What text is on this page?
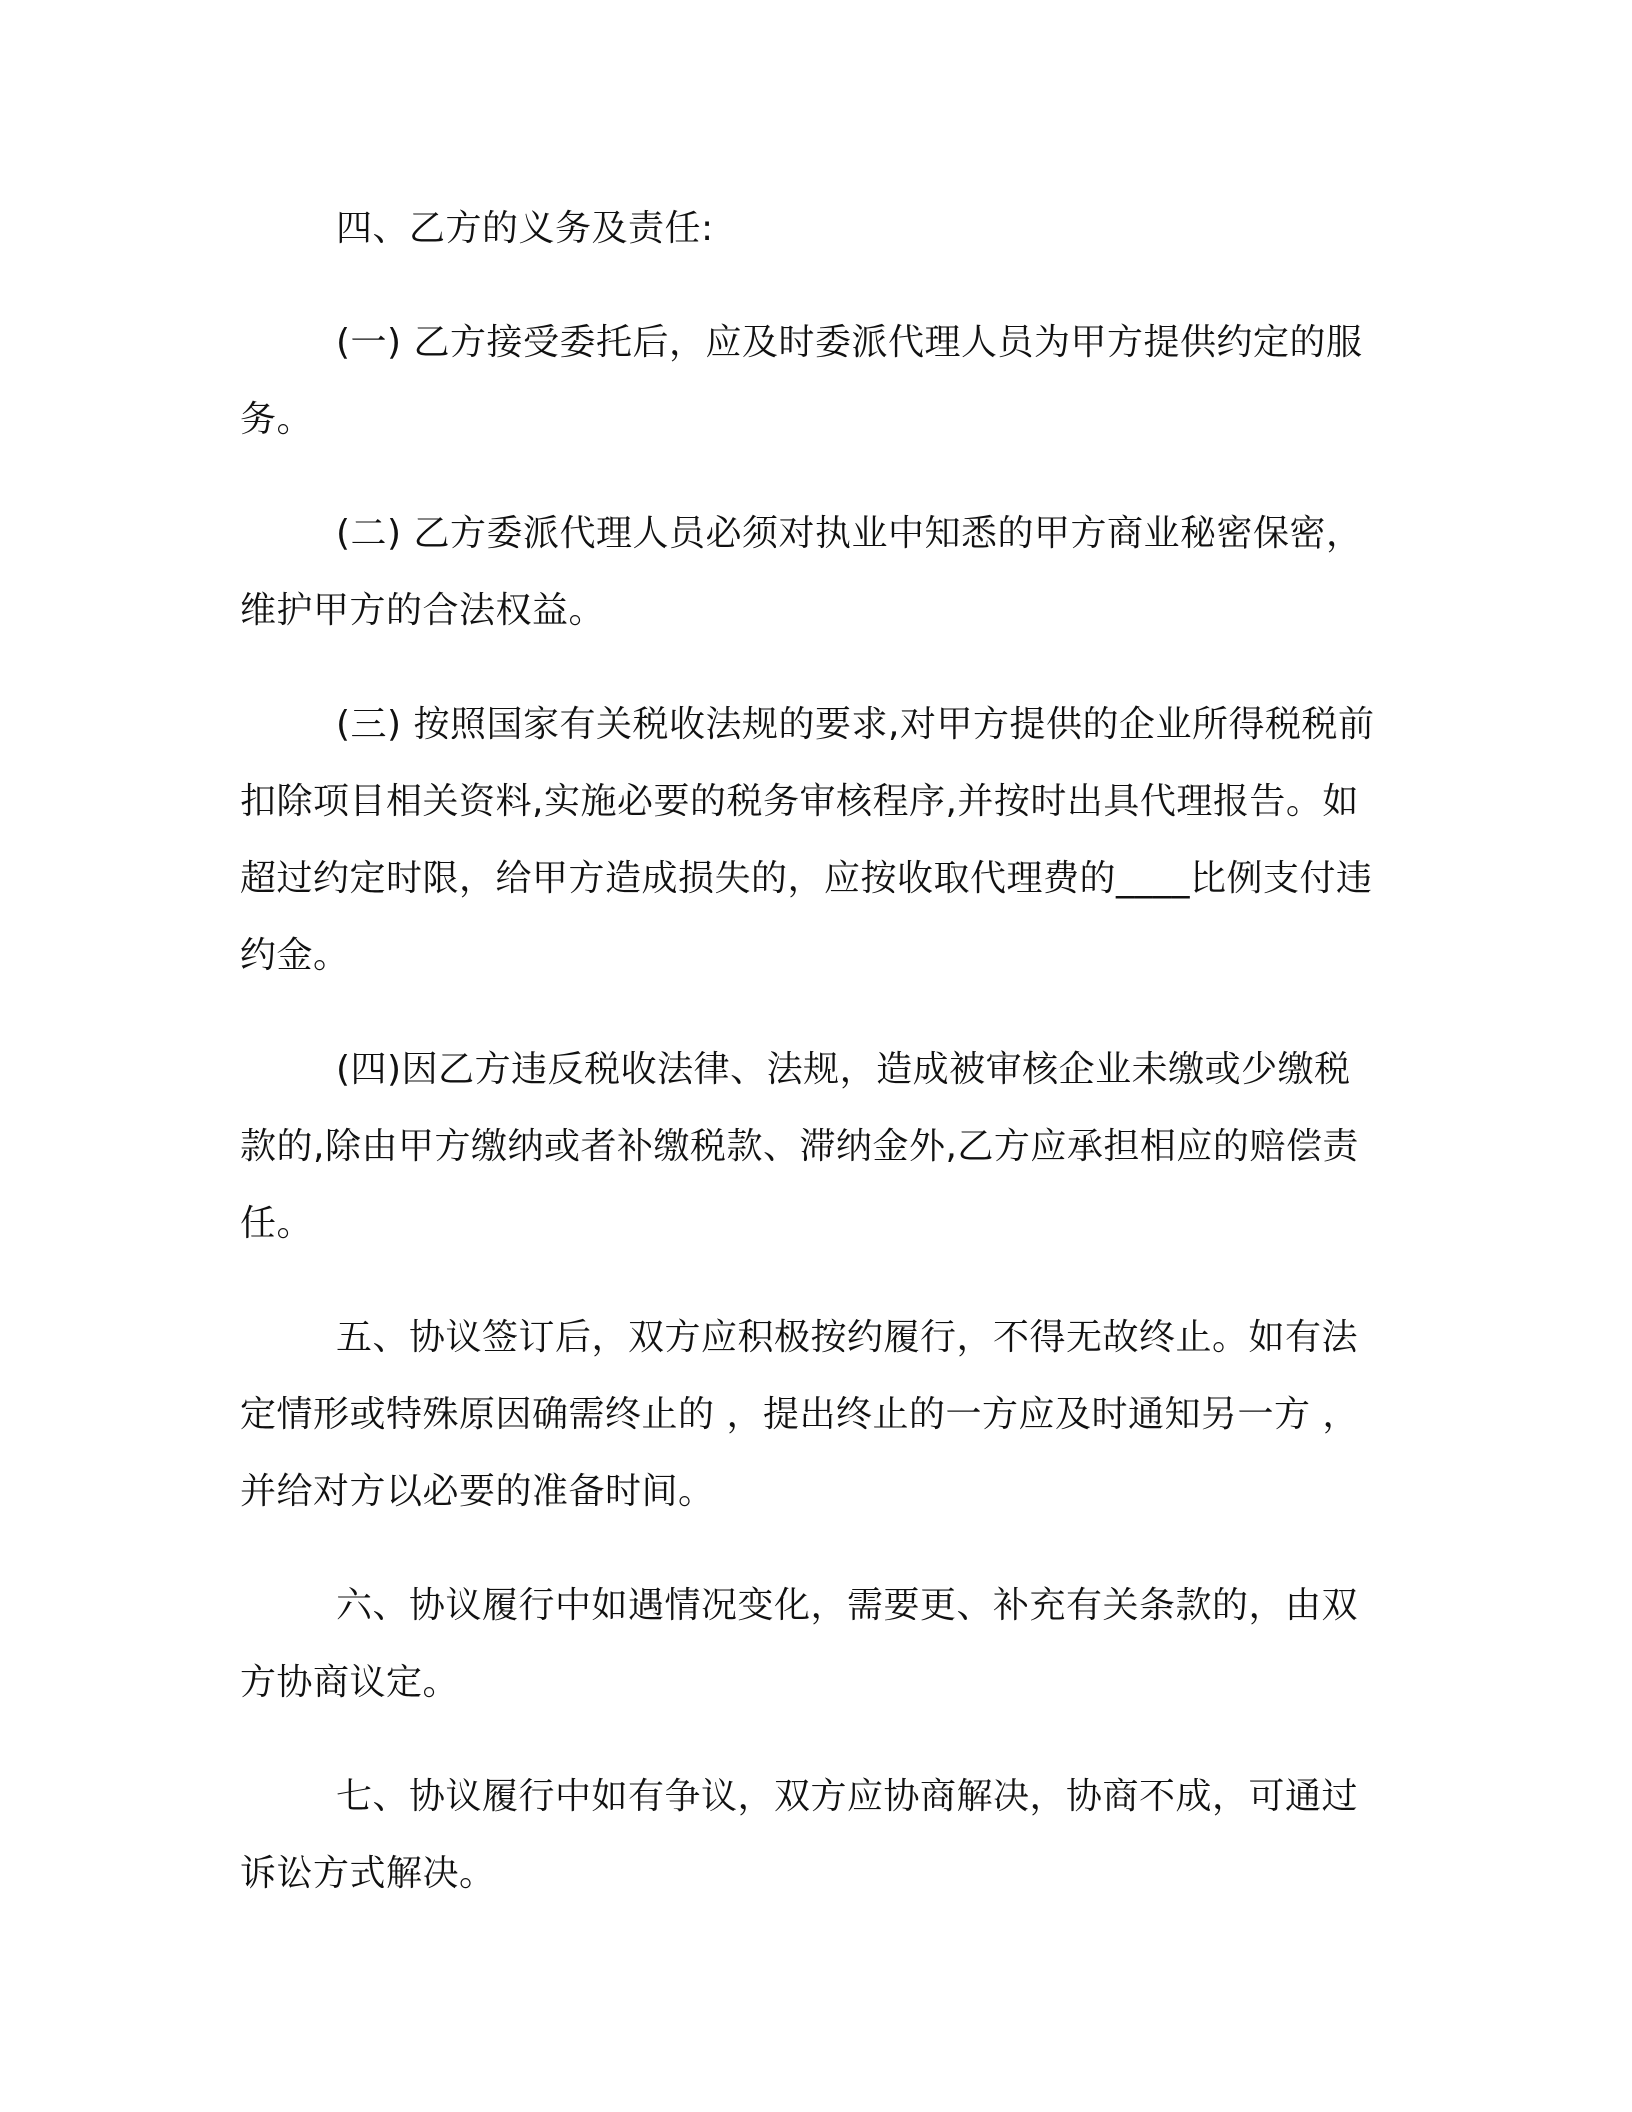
四、乙方的义务及责任:

(一) 乙方接受委托后，应及时委派代理人员为甲方提供约定的服务。

(二) 乙方委派代理人员必须对执业中知悉的甲方商业秘密保密，维护甲方的合法权益。

(三) 按照国家有关税收法规的要求,对甲方提供的企业所得税税前扣除项目相关资料,实施必要的税务审核程序,并按时出具代理报告。如超过约定时限，给甲方造成损失的，应按收取代理费的____比例支付违约金。

(四)因乙方违反税收法律、法规，造成被审核企业未缴或少缴税款的,除由甲方缴纳或者补缴税款、滞纳金外,乙方应承担相应的赔偿责任。

五、协议签订后，双方应积极按约履行，不得无故终止。如有法定情形或特殊原因确需终止的 ，提出终止的一方应及时通知另一方 ，并给对方以必要的准备时间。

六、协议履行中如遇情况变化，需要更、补充有关条款的，由双方协商议定。

七、协议履行中如有争议，双方应协商解决，协商不成，可通过诉讼方式解决。
